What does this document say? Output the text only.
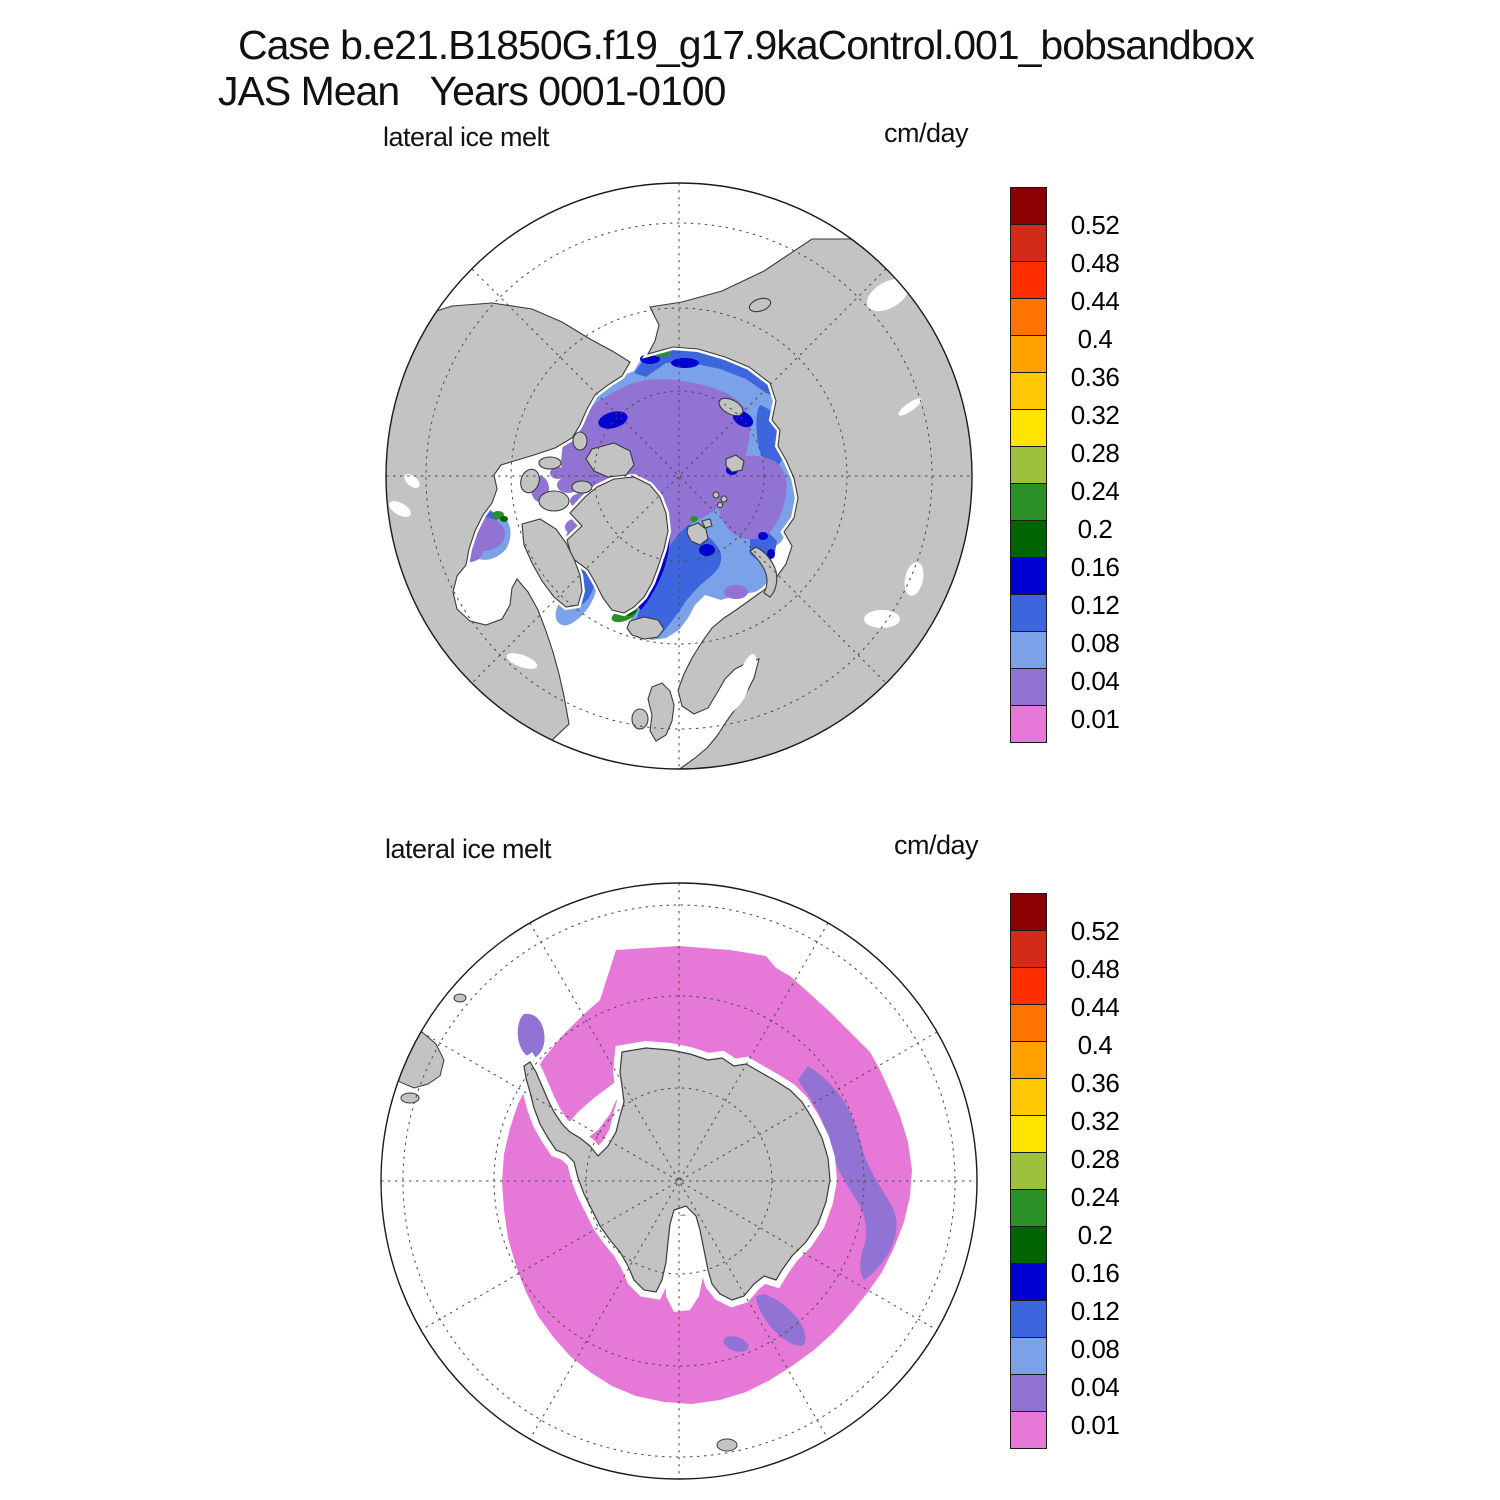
Case b.e21.B1850G.f19_g17.9kaControl.001_bobsandbox
JAS Mean   Years 0001-0100
lateral ice melt	cm/day
lateral ice melt	cm/day
0.52
0.48
0.44
0.4
0.36
0.32
0.28
0.24
0.2
0.16
0.12
0.08
0.04
0.01
0.52
0.48
0.44
0.4
0.36
0.32
0.28
0.24
0.2
0.16
0.12
0.08
0.04
0.01
